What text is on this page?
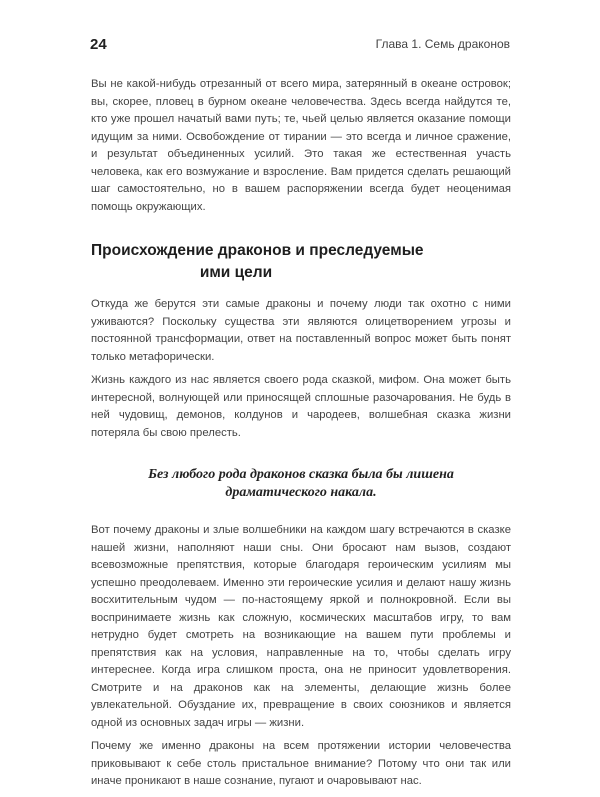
24	Глава 1. Семь драконов

Вы не какой-нибудь отрезанный от всего мира, затерянный в океане островок; вы, скорее, пловец в бурном океане человечества. Здесь всегда найдутся те, кто уже прошел начатый вами путь; те, чьей целью является оказание помощи идущим за ними. Освобождение от тирании — это всегда и личное сражение, и результат объединенных усилий. Это такая же естественная участь человека, как его возмужание и взросление. Вам придется сделать решающий шаг самостоятельно, но в вашем распоряжении всегда будет неоценимая помощь окружающих.

Происхождение драконов и преследуемые
ими цели

Откуда же берутся эти самые драконы и почему люди так охотно с ними уживаются? Поскольку существа эти являются олицетворением угрозы и постоянной трансформации, ответ на поставленный вопрос может быть понят только метафорически.

Жизнь каждого из нас является своего рода сказкой, мифом. Она может быть интересной, волнующей или приносящей сплошные разочарования. Не будь в ней чудовищ, демонов, колдунов и чародеев, волшебная сказка жизни потеряла бы свою прелесть.

Без любого рода драконов сказка была бы лишена драматического накала.

Вот почему драконы и злые волшебники на каждом шагу встречаются в сказке нашей жизни, наполняют наши сны. Они бросают нам вызов, создают всевозможные препятствия, которые благодаря героическим усилиям мы успешно преодолеваем. Именно эти героические усилия и делают нашу жизнь восхитительным чудом — по-настоящему яркой и полнокровной. Если вы воспринимаете жизнь как сложную, космических масштабов игру, то вам нетрудно будет смотреть на возникающие на вашем пути проблемы и препятствия как на условия, направленные на то, чтобы сделать игру интереснее. Когда игра слишком проста, она не приносит удовлетворения. Смотрите и на драконов как на элементы, делающие жизнь более увлекательной. Обуздание их, превращение в своих союзников и является одной из основных задач игры — жизни.

Почему же именно драконы на всем протяжении истории человечества приковывают к себе столь пристальное внимание? Потому что они так или иначе проникают в наше сознание, пугают и очаровывают нас.
